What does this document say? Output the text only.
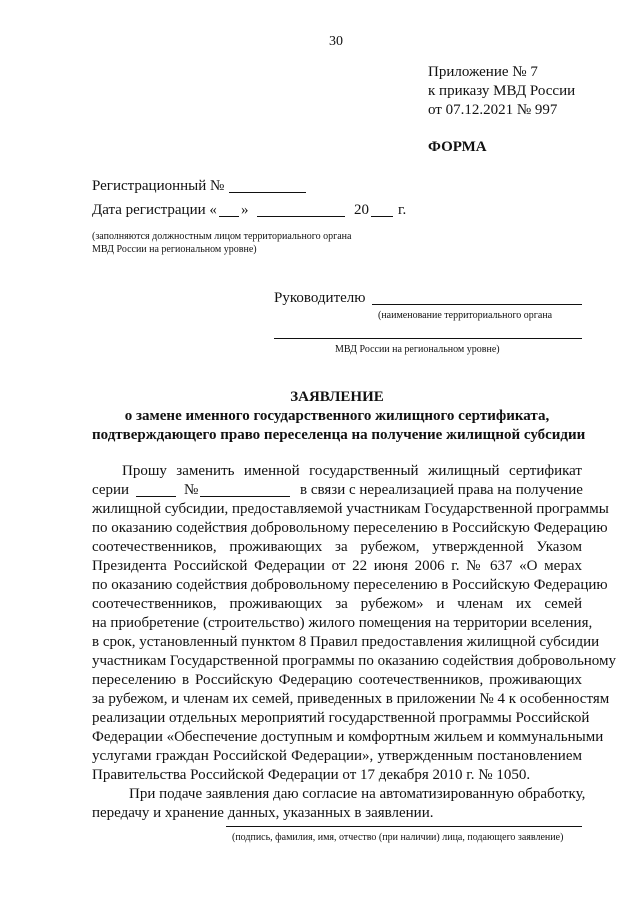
30
Приложение № 7
к приказу МВД России
от 07.12.2021 № 997
ФОРМА
Регистрационный №
Дата регистрации « »	20 г.
(заполняются должностным лицом территориального органа
МВД России на региональном уровне)
Руководителю
(наименование территориального органа
МВД России на региональном уровне)
ЗАЯВЛЕНИЕ
о замене именного государственного жилищного сертификата,
подтверждающего право переселенца на получение жилищной субсидии
Прошу заменить именной государственный жилищный сертификат
серии	№	в связи с нереализацией права на получение
жилищной субсидии, предоставляемой участникам Государственной программы
по оказанию содействия добровольному переселению в Российскую Федерацию
соотечественников, проживающих за рубежом, утвержденной Указом
Президента Российской Федерации от 22 июня 2006 г. № 637 «О мерах
по оказанию содействия добровольному переселению в Российскую Федерацию
соотечественников, проживающих за рубежом» и членам их семей
на приобретение (строительство) жилого помещения на территории вселения,
в срок, установленный пунктом 8 Правил предоставления жилищной субсидии
участникам Государственной программы по оказанию содействия добровольному
переселению в Российскую Федерацию соотечественников, проживающих
за рубежом, и членам их семей, приведенных в приложении № 4 к особенностям
реализации отдельных мероприятий государственной программы Российской
Федерации «Обеспечение доступным и комфортным жильем и коммунальными
услугами граждан Российской Федерации», утвержденным постановлением
Правительства Российской Федерации от 17 декабря 2010 г. № 1050.
При подаче заявления даю согласие на автоматизированную обработку,
передачу и хранение данных, указанных в заявлении.
(подпись, фамилия, имя, отчество (при наличии) лица, подающего заявление)
